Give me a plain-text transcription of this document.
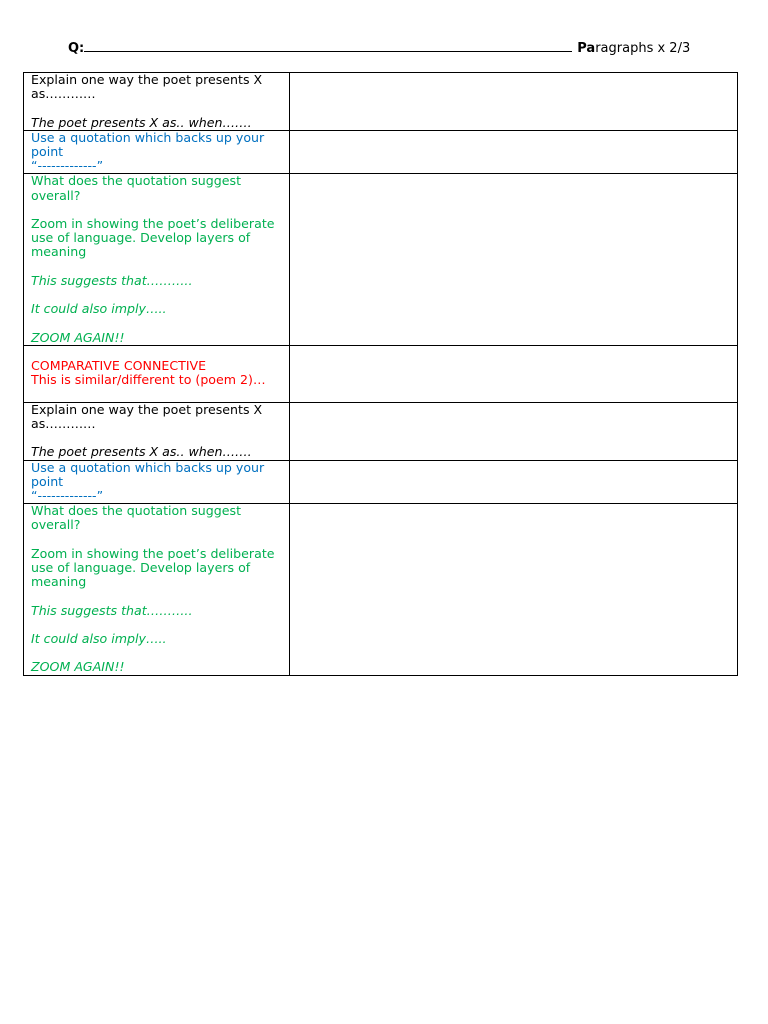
Q:	Paragraphs x 2/3

Explain one way the poet presents X as…………

The poet presents X as.. when…….	

Use a quotation which backs up your point

“-------------”	

What does the quotation suggest overall?

Zoom in showing the poet’s deliberate use of language. Develop layers of meaning

This suggests that………..

It could also imply…..

ZOOM AGAIN!!	

COMPARATIVE CONNECTIVE

This is similar/different to (poem 2)…	

Explain one way the poet presents X as…………

The poet presents X as.. when…….	

Use a quotation which backs up your point

“-------------”	

What does the quotation suggest overall?

Zoom in showing the poet’s deliberate use of language. Develop layers of meaning

This suggests that………..

It could also imply…..

ZOOM AGAIN!!	
